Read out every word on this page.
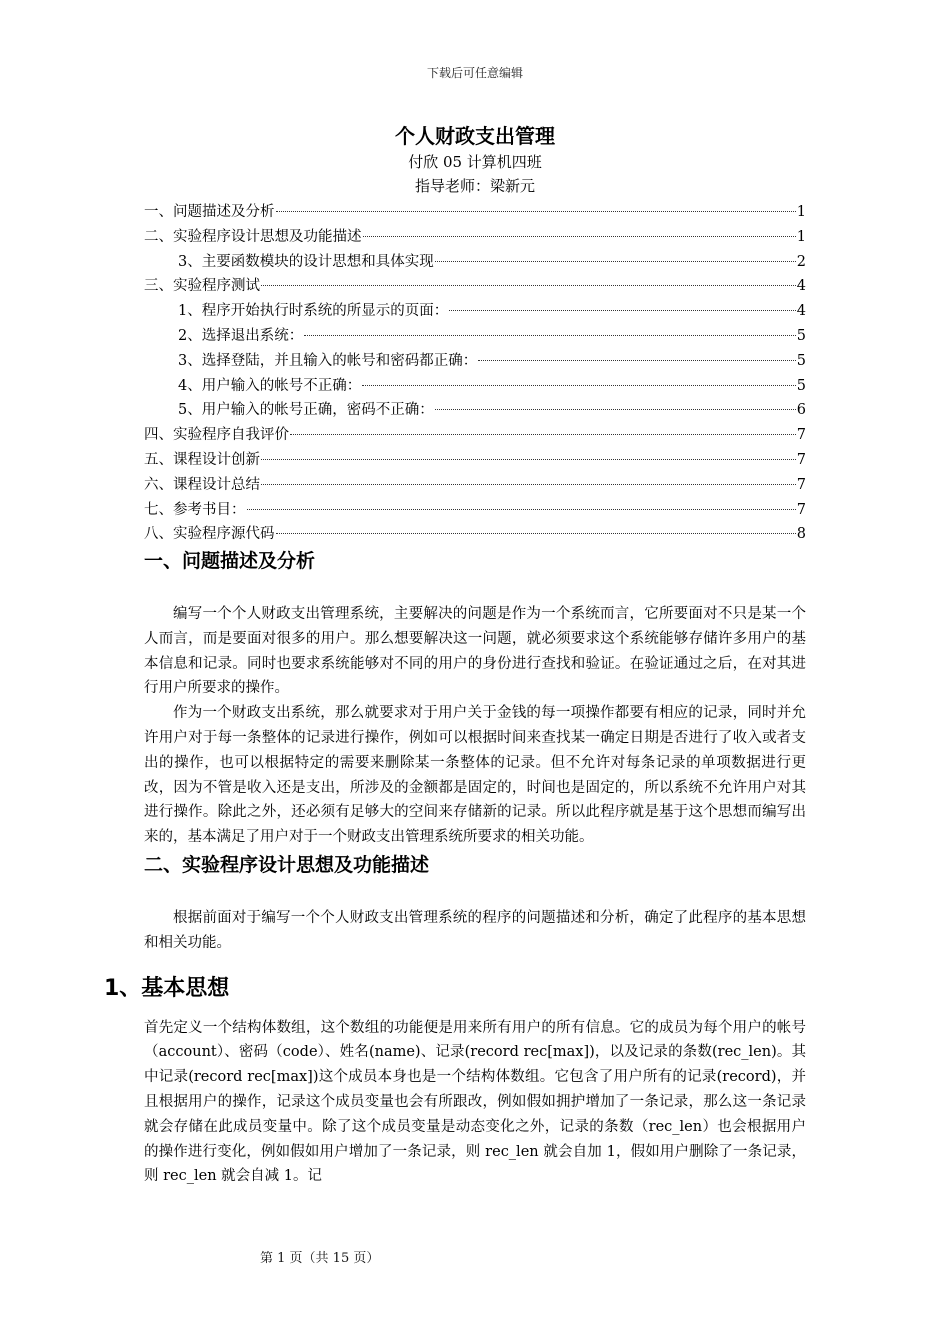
下载后可任意编辑
个人财政支出管理
付欣 05 计算机四班
指导老师：梁新元
一、问题描述及分析	1
二、实验程序设计思想及功能描述	1
3、主要函数模块的设计思想和具体实现	2
三、实验程序测试	4
1、程序开始执行时系统的所显示的页面：	4
2、选择退出系统：	5
3、选择登陆，并且输入的帐号和密码都正确：	5
4、用户输入的帐号不正确：	5
5、用户输入的帐号正确，密码不正确：	6
四、实验程序自我评价	7
五、课程设计创新	7
六、课程设计总结	7
七、参考书目：	7
八、实验程序源代码	8
一、问题描述及分析

编写一个个人财政支出管理系统，主要解决的问题是作为一个系统而言，它所要面对不只是某一个人而言，而是要面对很多的用户。那么想要解决这一问题，就必须要求这个系统能够存储许多用户的基本信息和记录。同时也要求系统能够对不同的用户的身份进行查找和验证。在验证通过之后，在对其进行用户所要求的操作。

作为一个财政支出系统，那么就要求对于用户关于金钱的每一项操作都要有相应的记录，同时并允许用户对于每一条整体的记录进行操作，例如可以根据时间来查找某一确定日期是否进行了收入或者支出的操作，也可以根据特定的需要来删除某一条整体的记录。但不允许对每条记录的单项数据进行更改，因为不管是收入还是支出，所涉及的金额都是固定的，时间也是固定的，所以系统不允许用户对其进行操作。除此之外，还必须有足够大的空间来存储新的记录。所以此程序就是基于这个思想而编写出来的，基本满足了用户对于一个财政支出管理系统所要求的相关功能。

二、实验程序设计思想及功能描述

根据前面对于编写一个个人财政支出管理系统的程序的问题描述和分析，确定了此程序的基本思想和相关功能。

1、基本思想

首先定义一个结构体数组，这个数组的功能便是用来所有用户的所有信息。它的成员为每个用户的帐号（account）、密码（code）、姓名(name)、记录(record rec[max])，以及记录的条数(rec_len)。其中记录(record rec[max])这个成员本身也是一个结构体数组。它包含了用户所有的记录(record)，并且根据用户的操作，记录这个成员变量也会有所跟改，例如假如拥护增加了一条记录，那么这一条记录就会存储在此成员变量中。除了这个成员变量是动态变化之外，记录的条数（rec_len）也会根据用户的操作进行变化，例如假如用户增加了一条记录，则 rec_len 就会自加 1，假如用户删除了一条记录，则 rec_len 就会自减 1。记

第 1 页（共 15 页）
